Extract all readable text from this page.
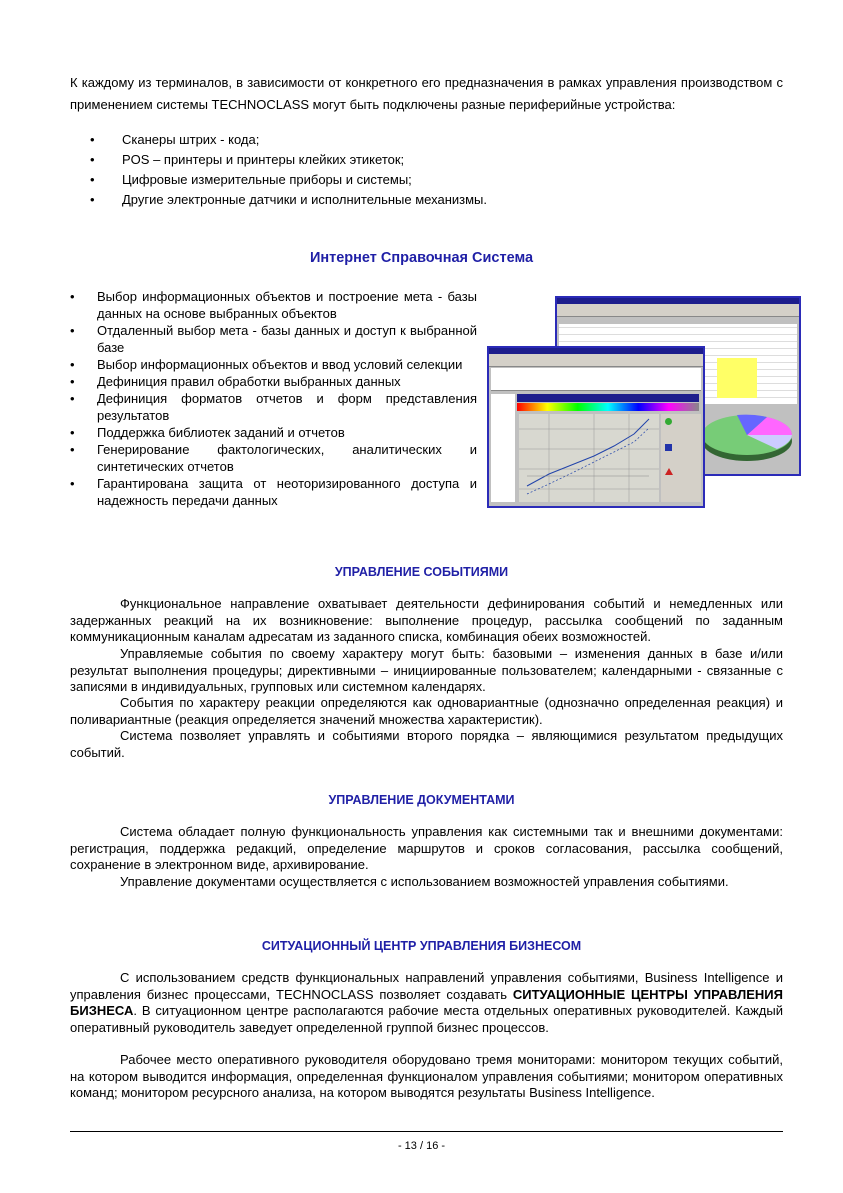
К каждому из терминалов, в зависимости от конкретного его предназначения в рамках управления производством с применением системы TECHNOCLASS могут быть подключены разные периферийные устройства:

• Сканеры штрих - кода;
• POS – принтеры и принтеры клейких этикеток;
• Цифровые измерительные приборы и системы;
• Другие электронные датчики и исполнительные механизмы.
Интернет Справочная Система
• Выбор информационных объектов и построение мета - базы данных на основе выбранных объектов
• Отдаленный выбор мета - базы данных и доступ к выбранной базе
• Выбор информационных объектов и ввод условий селекции
• Дефиниция правил обработки выбранных данных
• Дефиниция форматов отчетов и форм представления результатов
• Поддержка библиотек заданий и отчетов
• Генерирование фактологических, аналитических и синтетических отчетов
• Гарантирована защита от неоторизированного доступа и надежность передачи данных
УПРАВЛЕНИЕ СОБЫТИЯМИ

Функциональное направление охватывает деятельности дефинирования событий и немедленных или задержанных реакций на их возникновение: выполнение процедур, рассылка сообщений по заданным коммуникационным каналам адресатам из заданного списка, комбинация обеих возможностей.

Управляемые события по своему характеру могут быть: базовыми – изменения данных в базе и/или результат выполнения процедуры; директивными – инициированные пользователем; календарными - связанные с записями в индивидуальных, групповых или системном календарях.

События по характеру реакции определяются как одновариантные (однозначно определенная реакция) и поливариантные (реакция определяется значений множества характеристик).

Система позволяет управлять и событиями второго порядка – являющимися результатом предыдущих событий.

УПРАВЛЕНИЕ ДОКУМЕНТАМИ

Система обладает полную функциональность управления как системными так и внешними документами: регистрация, поддержка редакций, определение маршрутов и сроков согласования, рассылка сообщений, сохранение в электронном виде, архивирование.

Управление документами осуществляется с использованием возможностей управления событиями.

СИТУАЦИОННЫЙ ЦЕНТР УПРАВЛЕНИЯ БИЗНЕСОМ

С использованием средств функциональных направлений управления событиями, Business Intelligence и управления бизнес процессами, TECHNOCLASS позволяет создавать СИТУАЦИОННЫЕ ЦЕНТРЫ УПРАВЛЕНИЯ БИЗНЕСА. В ситуационном центре располагаются рабочие места отдельных оперативных руководителей. Каждый оперативный руководитель заведует определенной группой бизнес процессов.

Рабочее место оперативного руководителя оборудовано тремя мониторами: монитором текущих событий, на котором выводится информация, определенная функционалом управления событиями; монитором оперативных команд; монитором ресурсного анализа, на котором выводятся результаты Business Intelligence.

- 13 / 16 -
